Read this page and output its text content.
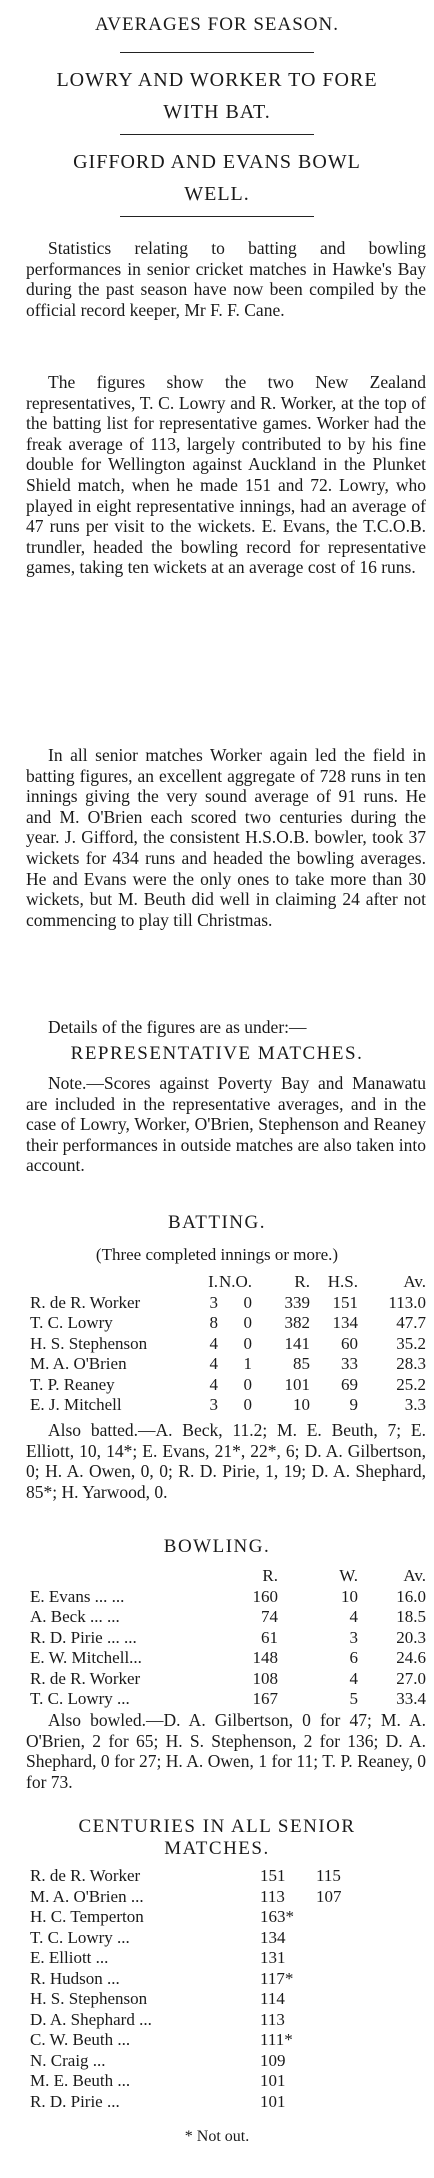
AVERAGES FOR SEASON.
LOWRY AND WORKER TO FORE
WITH BAT.
GIFFORD AND EVANS BOWL
WELL.
Statistics relating to batting and bowling performances in senior cricket matches in Hawke's Bay during the past season have now been compiled by the official record keeper, Mr F. F. Cane.
The figures show the two New Zealand representatives, T. C. Lowry and R. Worker, at the top of the batting list for representative games. Worker had the freak average of 113, largely contributed to by his fine double for Wellington against Auckland in the Plunket Shield match, when he made 151 and 72. Lowry, who played in eight representative innings, had an average of 47 runs per visit to the wickets. E. Evans, the T.C.O.B. trundler, headed the bowling record for representative games, taking ten wickets at an average cost of 16 runs.
In all senior matches Worker again led the field in batting figures, an excellent aggregate of 728 runs in ten innings giving the very sound average of 91 runs. He and M. O'Brien each scored two centuries during the year. J. Gifford, the consistent H.S.O.B. bowler, took 37 wickets for 434 runs and headed the bowling averages. He and Evans were the only ones to take more than 30 wickets, but M. Beuth did well in claiming 24 after not commencing to play till Christmas.
Details of the figures are as under:—
REPRESENTATIVE MATCHES.
Note.—Scores against Poverty Bay and Manawatu are included in the representative averages, and in the case of Lowry, Worker, O'Brien, Stephenson and Reaney their performances in outside matches are also taken into account.
BATTING.
(Three completed innings or more.)
	I.	N.O.	R.	H.S.	Av.
R. de R. Worker	3	0	339	151	113.0
T. C. Lowry	8	0	382	134	47.7
H. S. Stephenson	4	0	141	60	35.2
M. A. O'Brien	4	1	85	33	28.3
T. P. Reaney	4	0	101	69	25.2
E. J. Mitchell	3	0	10	9	3.3
Also batted.—A. Beck, 11.2; M. E. Beuth, 7; E. Elliott, 10, 14*; E. Evans, 21*, 22*, 6; D. A. Gilbertson, 0; H. A. Owen, 0, 0; R. D. Pirie, 1, 19; D. A. Shephard, 85*; H. Yarwood, 0.
BOWLING.
	R.	W.	Av.
E. Evans ... ...	160	10	16.0
A. Beck ... ...	74	4	18.5
R. D. Pirie ... ...	61	3	20.3
E. W. Mitchell...	148	6	24.6
R. de R. Worker	108	4	27.0
T. C. Lowry ...	167	5	33.4
Also bowled.—D. A. Gilbertson, 0 for 47; M. A. O'Brien, 2 for 65; H. S. Stephenson, 2 for 136; D. A. Shephard, 0 for 27; H. A. Owen, 1 for 11; T. P. Reaney, 0 for 73.
CENTURIES IN ALL SENIOR
MATCHES.
R. de R. Worker	151	115
M. A. O'Brien ...	113	107
H. C. Temperton	163*	
T. C. Lowry ...	134	
E. Elliott ...	131	
R. Hudson ...	117*	
H. S. Stephenson	114	
D. A. Shephard ...	113	
C. W. Beuth ...	111*	
N. Craig ...	109	
M. E. Beuth ...	101	
R. D. Pirie ...	101	
* Not out.
